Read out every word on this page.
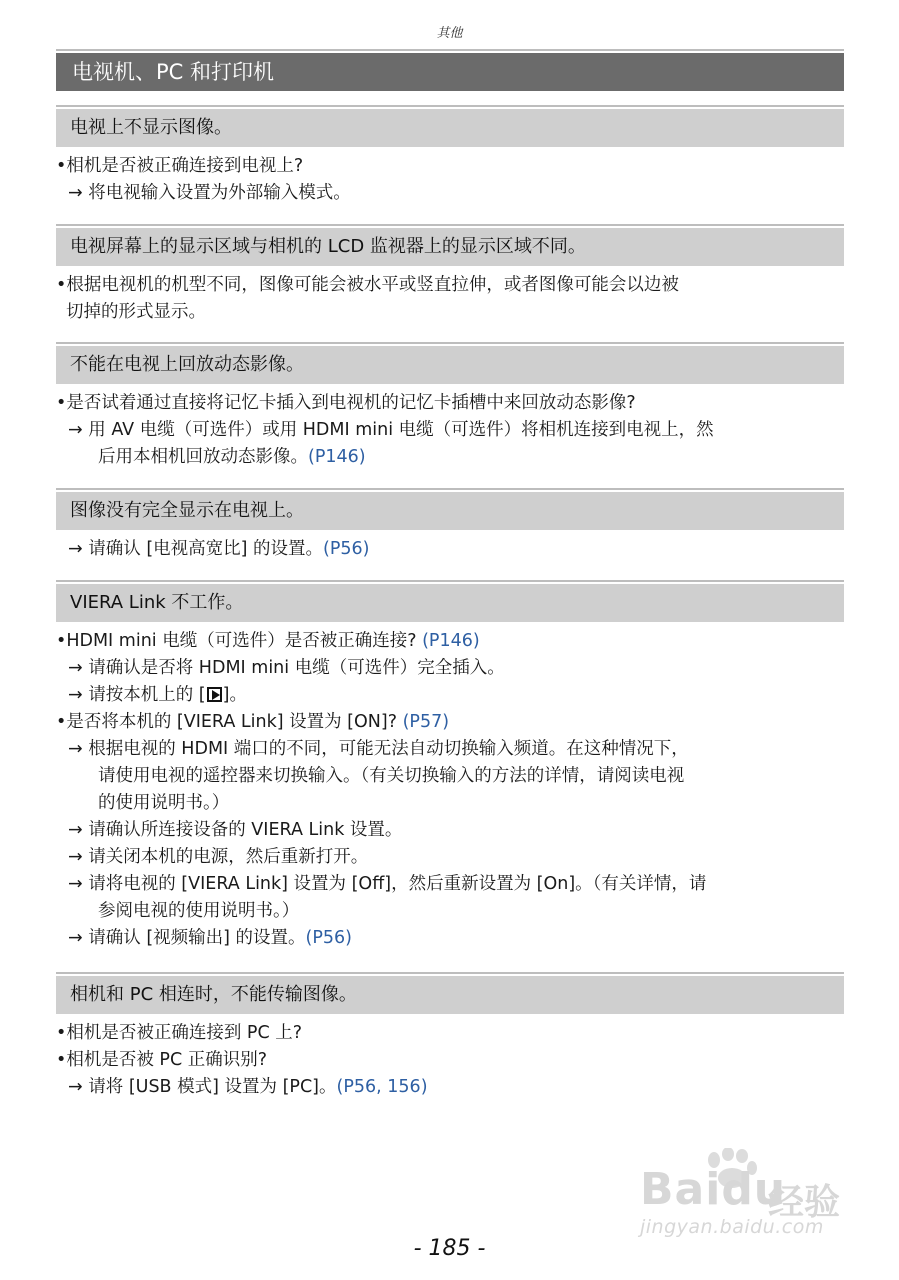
其他
电视机、PC 和打印机
电视上不显示图像。
•相机是否被正确连接到电视上?
→ 将电视输入设置为外部输入模式。
电视屏幕上的显示区域与相机的 LCD 监视器上的显示区域不同。
•根据电视机的机型不同，图像可能会被水平或竖直拉伸，或者图像可能会以边被
切掉的形式显示。
不能在电视上回放动态影像。
•是否试着通过直接将记忆卡插入到电视机的记忆卡插槽中来回放动态影像?
→ 用 AV 电缆（可选件）或用 HDMI mini 电缆（可选件）将相机连接到电视上，然
后用本相机回放动态影像。(P146)
图像没有完全显示在电视上。
→ 请确认 [电视高宽比] 的设置。(P56)
VIERA Link 不工作。
•HDMI mini 电缆（可选件）是否被正确连接? (P146)
→ 请确认是否将 HDMI mini 电缆（可选件）完全插入。
→ 请按本机上的 [ ]。
•是否将本机的 [VIERA Link] 设置为 [ON]? (P57)
→ 根据电视的 HDMI 端口的不同，可能无法自动切换输入频道。在这种情况下，
请使用电视的遥控器来切换输入。（有关切换输入的方法的详情，请阅读电视
的使用说明书。）
→ 请确认所连接设备的 VIERA Link 设置。
→ 请关闭本机的电源，然后重新打开。
→ 请将电视的 [VIERA Link] 设置为 [Off]，然后重新设置为 [On]。（有关详情，请
参阅电视的使用说明书。）
→ 请确认 [视频输出] 的设置。(P56)
相机和 PC 相连时，不能传输图像。
•相机是否被正确连接到 PC 上?
•相机是否被 PC 正确识别?
→ 请将 [USB 模式] 设置为 [PC]。(P56, 156)
Baidu
经验
jingyan.baidu.com
- 185 -
